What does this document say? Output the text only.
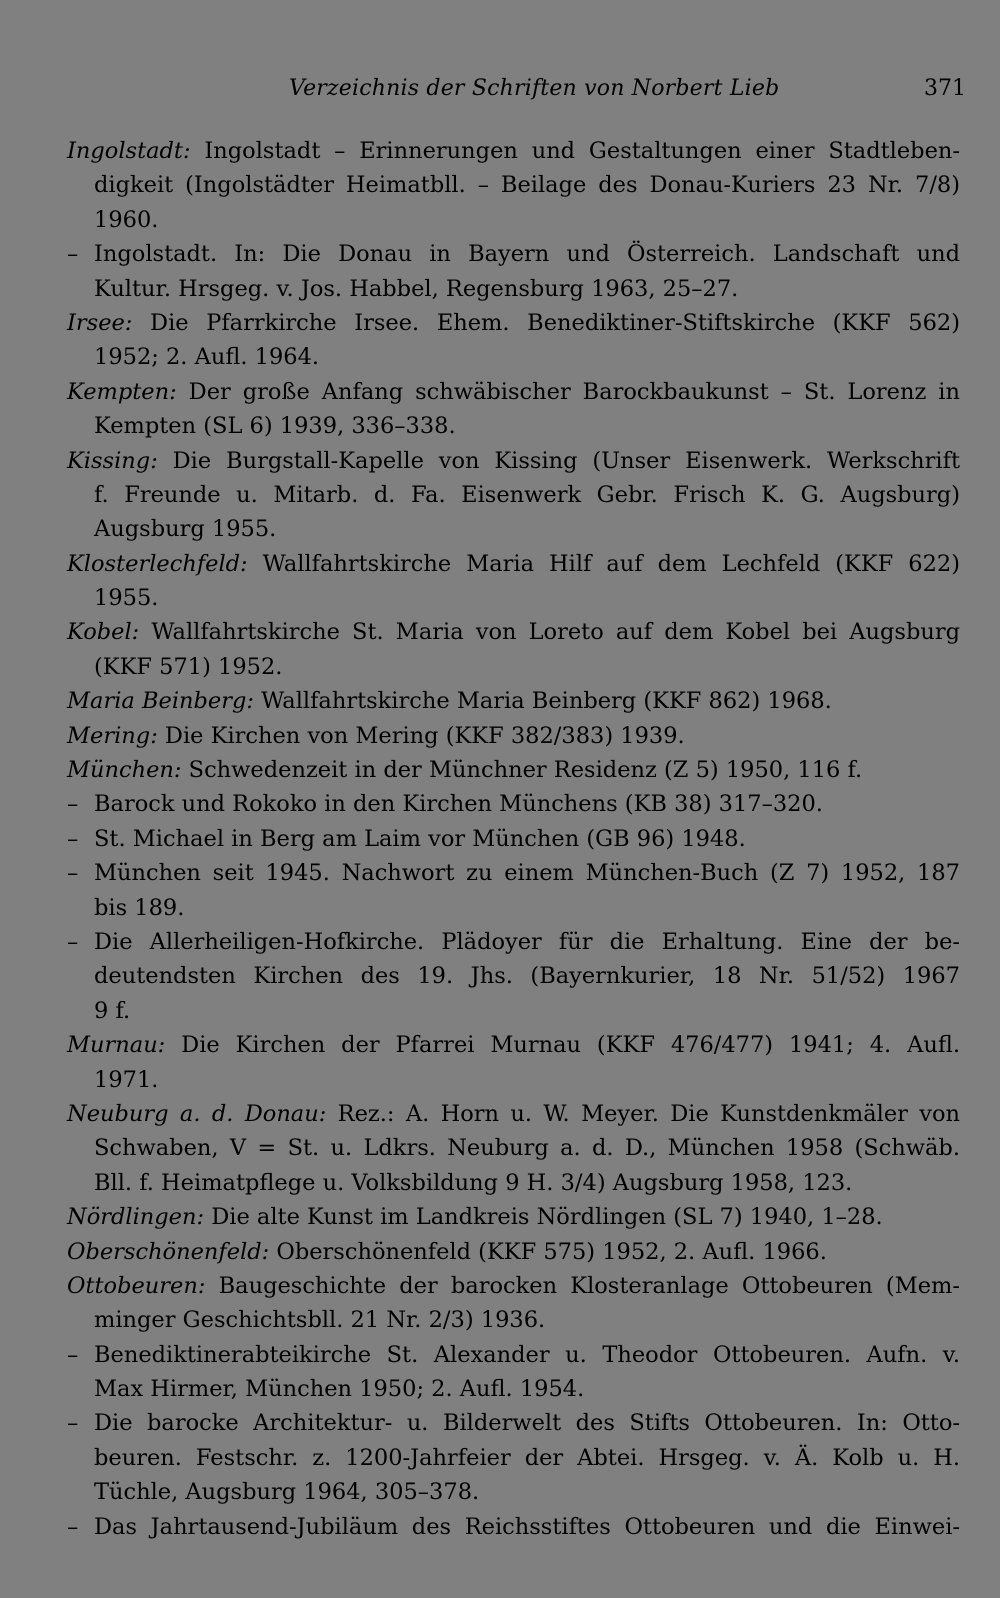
Verzeichnis der Schriften von Norbert Lieb	371
Ingolstadt: Ingolstadt – Erinnerungen und Gestaltungen einer Stadtleben-
digkeit (Ingolstädter Heimatbll. – Beilage des Donau-Kuriers 23 Nr. 7/8)
1960.
– Ingolstadt. In: Die Donau in Bayern und Österreich. Landschaft und
Kultur. Hrsgeg. v. Jos. Habbel, Regensburg 1963, 25–27.
Irsee: Die Pfarrkirche Irsee. Ehem. Benediktiner-Stiftskirche (KKF 562)
1952; 2. Aufl. 1964.
Kempten: Der große Anfang schwäbischer Barockbaukunst – St. Lorenz in
Kempten (SL 6) 1939, 336–338.
Kissing: Die Burgstall-Kapelle von Kissing (Unser Eisenwerk. Werkschrift
f. Freunde u. Mitarb. d. Fa. Eisenwerk Gebr. Frisch K. G. Augsburg)
Augsburg 1955.
Klosterlechfeld: Wallfahrtskirche Maria Hilf auf dem Lechfeld (KKF 622)
1955.
Kobel: Wallfahrtskirche St. Maria von Loreto auf dem Kobel bei Augsburg
(KKF 571) 1952.
Maria Beinberg: Wallfahrtskirche Maria Beinberg (KKF 862) 1968.
Mering: Die Kirchen von Mering (KKF 382/383) 1939.
München: Schwedenzeit in der Münchner Residenz (Z 5) 1950, 116 f.
– Barock und Rokoko in den Kirchen Münchens (KB 38) 317–320.
– St. Michael in Berg am Laim vor München (GB 96) 1948.
– München seit 1945. Nachwort zu einem München-Buch (Z 7) 1952, 187
bis 189.
– Die Allerheiligen-Hofkirche. Plädoyer für die Erhaltung. Eine der be-
deutendsten Kirchen des 19. Jhs. (Bayernkurier, 18 Nr. 51/52) 1967
9 f.
Murnau: Die Kirchen der Pfarrei Murnau (KKF 476/477) 1941; 4. Aufl.
1971.
Neuburg a. d. Donau: Rez.: A. Horn u. W. Meyer. Die Kunstdenkmäler von
Schwaben, V = St. u. Ldkrs. Neuburg a. d. D., München 1958 (Schwäb.
Bll. f. Heimatpflege u. Volksbildung 9 H. 3/4) Augsburg 1958, 123.
Nördlingen: Die alte Kunst im Landkreis Nördlingen (SL 7) 1940, 1–28.
Oberschönenfeld: Oberschönenfeld (KKF 575) 1952, 2. Aufl. 1966.
Ottobeuren: Baugeschichte der barocken Klosteranlage Ottobeuren (Mem-
minger Geschichtsbll. 21 Nr. 2/3) 1936.
– Benediktinerabteikirche St. Alexander u. Theodor Ottobeuren. Aufn. v.
Max Hirmer, München 1950; 2. Aufl. 1954.
– Die barocke Architektur- u. Bilderwelt des Stifts Ottobeuren. In: Otto-
beuren. Festschr. z. 1200-Jahrfeier der Abtei. Hrsgeg. v. Ä. Kolb u. H.
Tüchle, Augsburg 1964, 305–378.
– Das Jahrtausend-Jubiläum des Reichsstiftes Ottobeuren und die Einwei-
